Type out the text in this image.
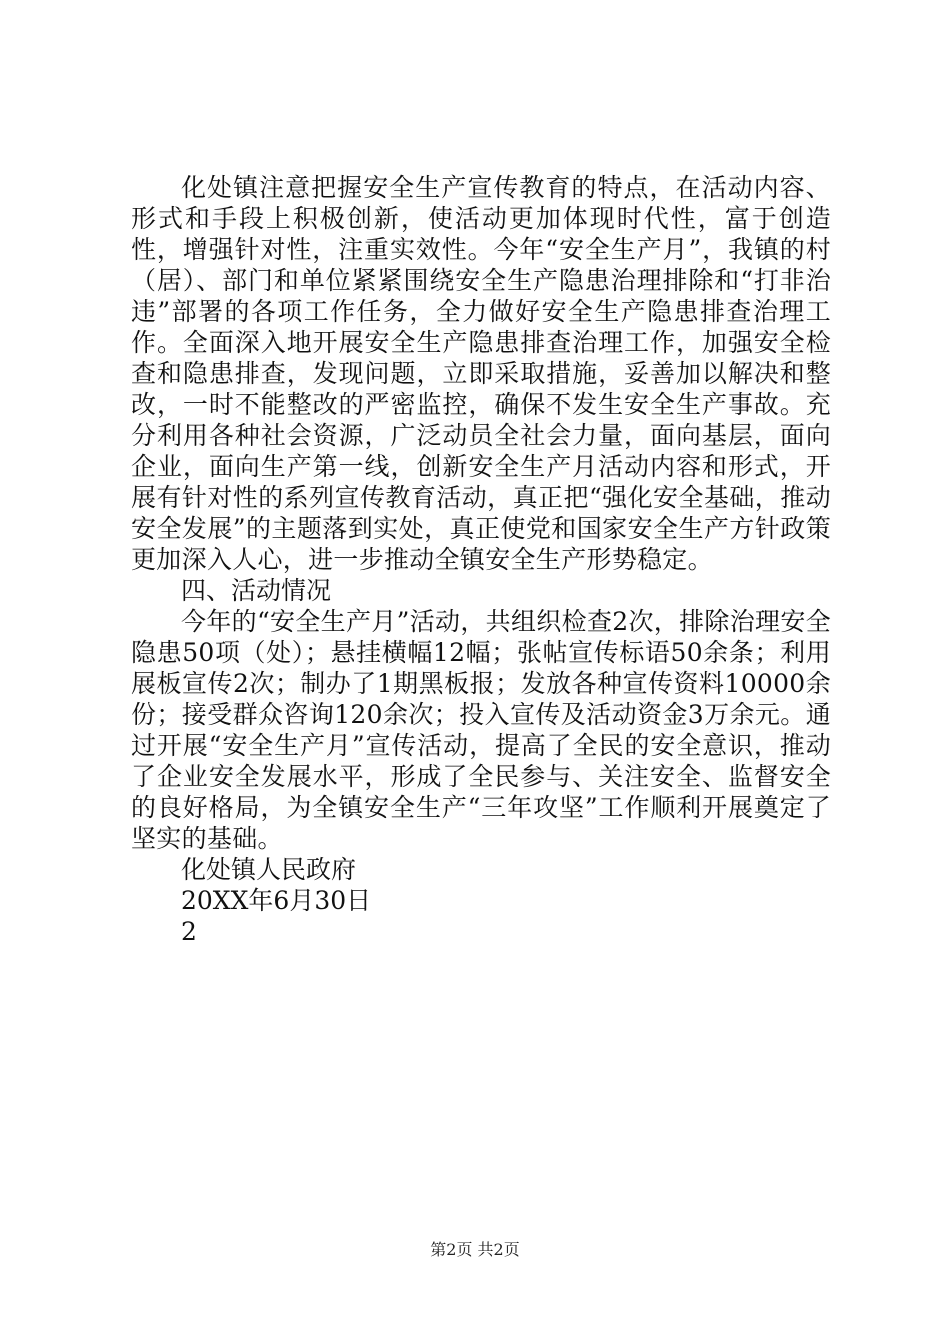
化处镇注意把握安全生产宣传教育的特点，在活动内容、形式和手段上积极创新，使活动更加体现时代性，富于创造性，增强针对性，注重实效性。今年“安全生产月”，我镇的村（居）、部门和单位紧紧围绕安全生产隐患治理排除和“打非治违”部署的各项工作任务，全力做好安全生产隐患排查治理工作。全面深入地开展安全生产隐患排查治理工作，加强安全检查和隐患排查，发现问题，立即采取措施，妥善加以解决和整改，一时不能整改的严密监控，确保不发生安全生产事故。充分利用各种社会资源，广泛动员全社会力量，面向基层，面向企业，面向生产第一线，创新安全生产月活动内容和形式，开展有针对性的系列宣传教育活动，真正把“强化安全基础，推动安全发展”的主题落到实处，真正使党和国家安全生产方针政策更加深入人心，进一步推动全镇安全生产形势稳定。

四、活动情况

今年的“安全生产月”活动，共组织检查2次，排除治理安全隐患50项（处）；悬挂横幅12幅；张帖宣传标语50余条；利用展板宣传2次；制办了1期黑板报；发放各种宣传资料10000余份；接受群众咨询120余次；投入宣传及活动资金3万余元。通过开展“安全生产月”宣传活动，提高了全民的安全意识，推动了企业安全发展水平，形成了全民参与、关注安全、监督安全的良好格局，为全镇安全生产“三年攻坚”工作顺利开展奠定了坚实的基础。

化处镇人民政府

20XX年6月30日

2

第2页 共2页
